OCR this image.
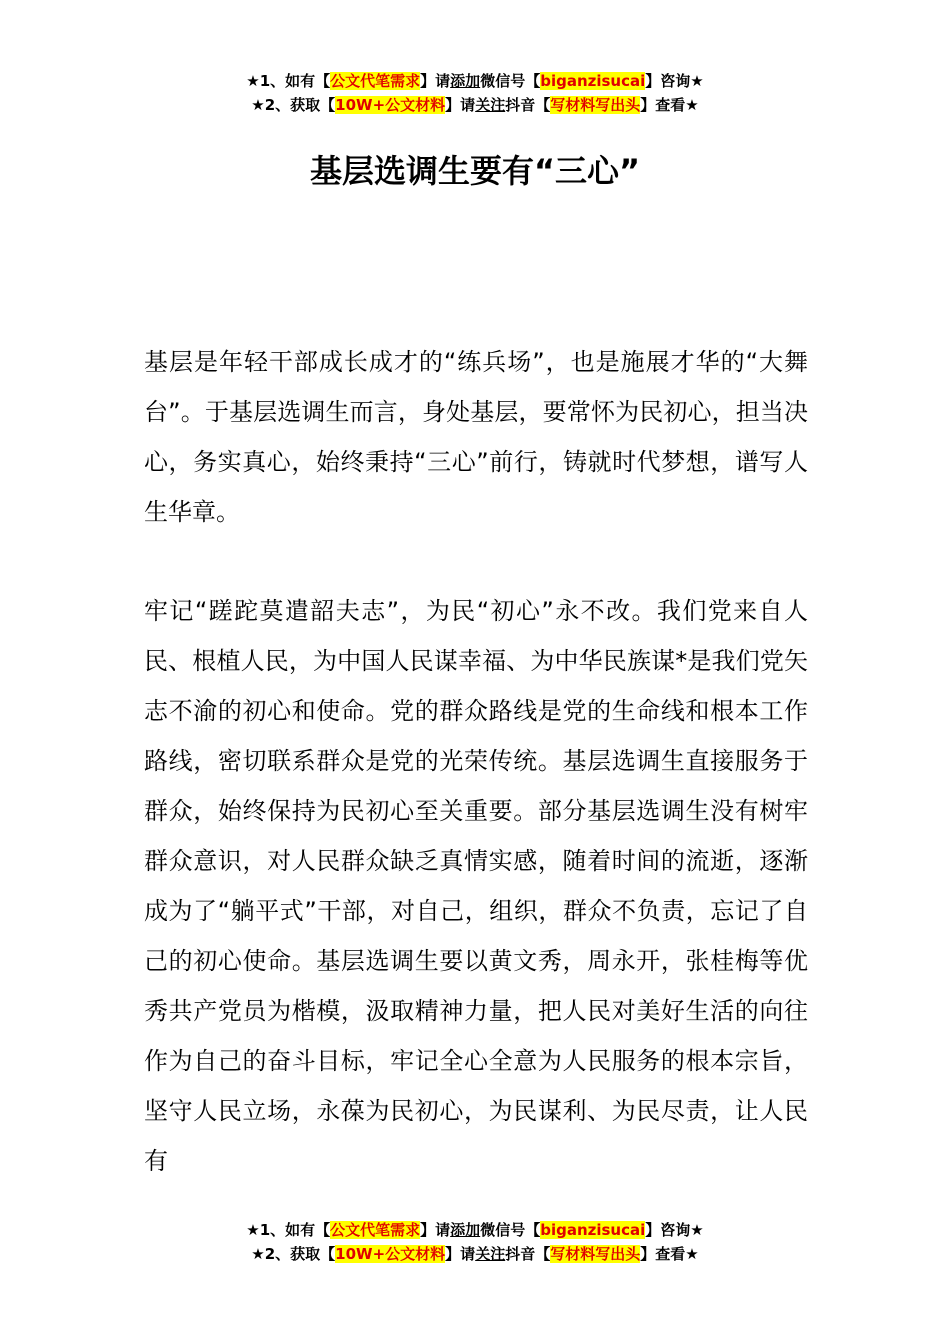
★1、如有【公文代笔需求】请添加微信号【biganzisucai】咨询★
★2、获取【10W+公文材料】请关注抖音【写材料写出头】查看★
基层选调生要有“三心”

基层是年轻干部成长成才的“练兵场”，也是施展才华的“大舞台”。于基层选调生而言，身处基层，要常怀为民初心，担当决心，务实真心，始终秉持“三心”前行，铸就时代梦想，谱写人生华章。

牢记“蹉跎莫遣韶夫志”，为民“初心”永不改。我们党来自人民、根植人民，为中国人民谋幸福、为中华民族谋*是我们党矢志不渝的初心和使命。党的群众路线是党的生命线和根本工作路线，密切联系群众是党的光荣传统。基层选调生直接服务于群众，始终保持为民初心至关重要。部分基层选调生没有树牢群众意识，对人民群众缺乏真情实感，随着时间的流逝，逐渐成为了“躺平式”干部，对自己，组织，群众不负责，忘记了自己的初心使命。基层选调生要以黄文秀，周永开，张桂梅等优秀共产党员为楷模，汲取精神力量，把人民对美好生活的向往作为自己的奋斗目标，牢记全心全意为人民服务的根本宗旨，坚守人民立场，永葆为民初心，为民谋利、为民尽责，让人民有

★1、如有【公文代笔需求】请添加微信号【biganzisucai】咨询★
★2、获取【10W+公文材料】请关注抖音【写材料写出头】查看★
